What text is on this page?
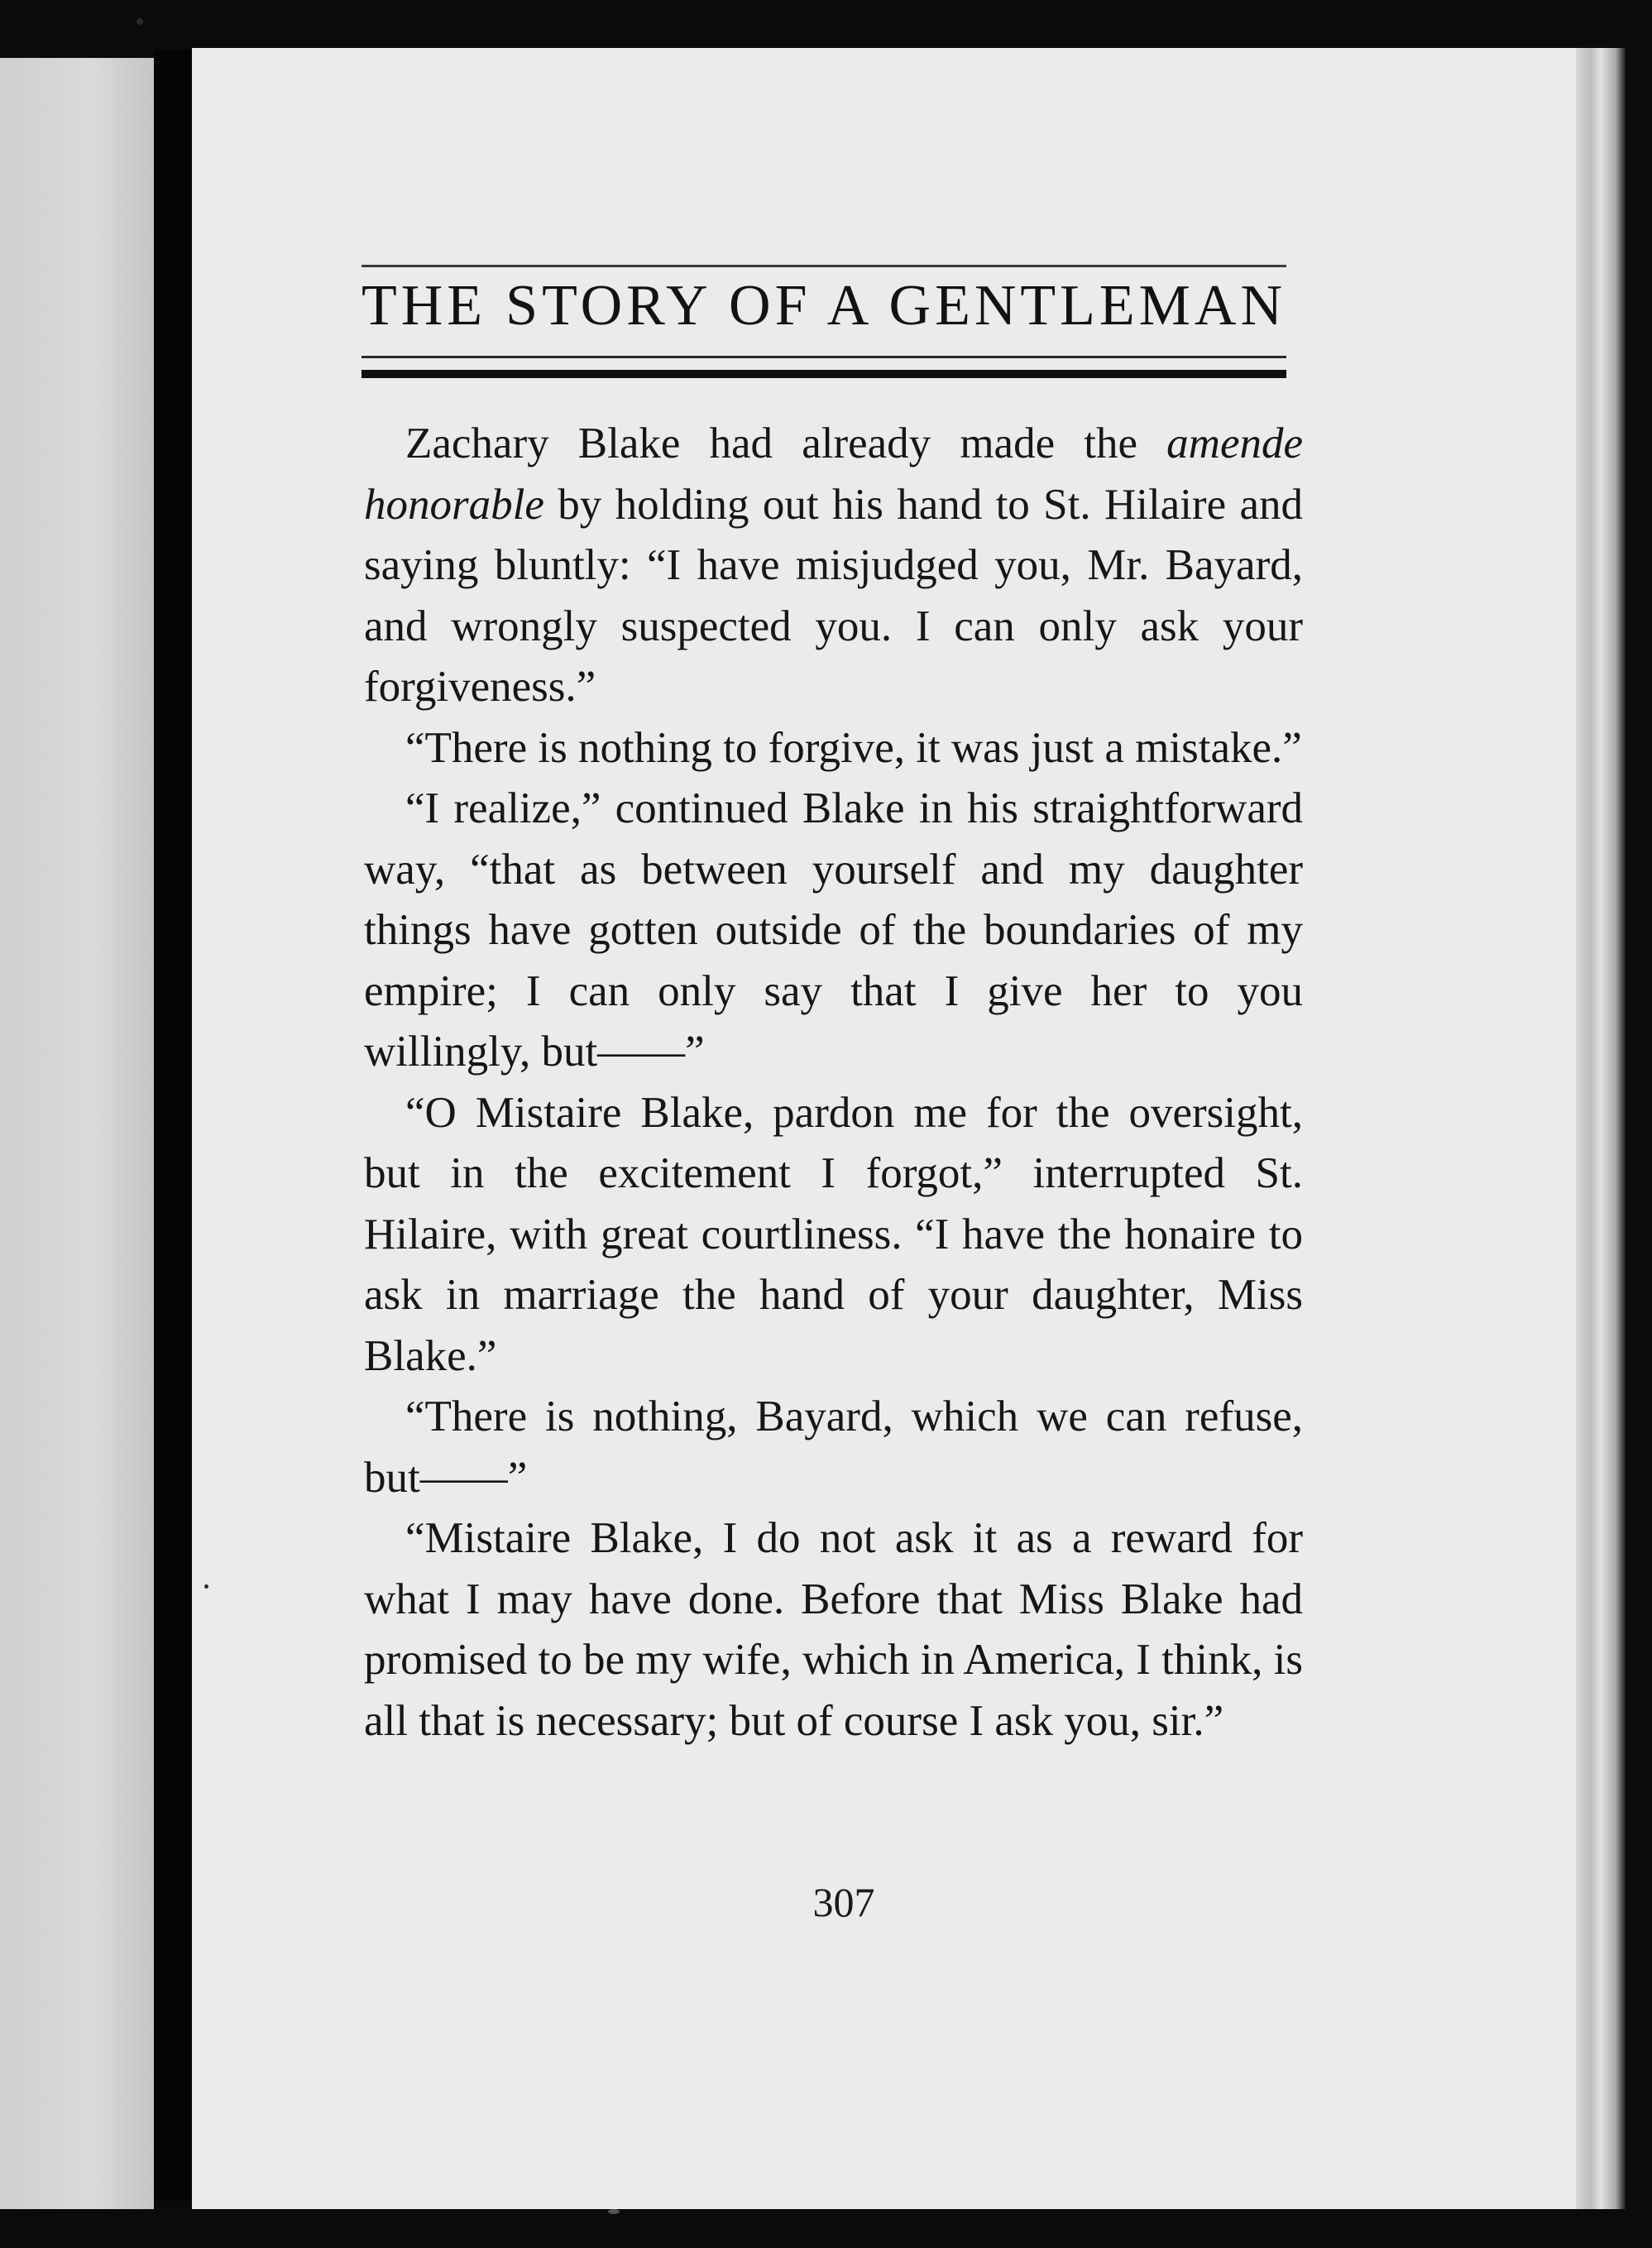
THE STORY OF A GENTLEMAN

Zachary Blake had already made the amende honorable by holding out his hand to St. Hilaire and saying bluntly: “I have misjudged you, Mr. Bayard, and wrongly suspected you. I can only ask your forgiveness.”

“There is nothing to forgive, it was just a mistake.”

“I realize,” continued Blake in his straightforward way, “that as between yourself and my daughter things have gotten outside of the boundaries of my empire; I can only say that I give her to you willingly, but——”

“O Mistaire Blake, pardon me for the oversight, but in the excitement I forgot,” interrupted St. Hilaire, with great courtliness. “I have the honaire to ask in marriage the hand of your daughter, Miss Blake.”

“There is nothing, Bayard, which we can refuse, but——”

“Mistaire Blake, I do not ask it as a reward for what I may have done. Before that Miss Blake had promised to be my wife, which in America, I think, is all that is necessary; but of course I ask you, sir.”

307
